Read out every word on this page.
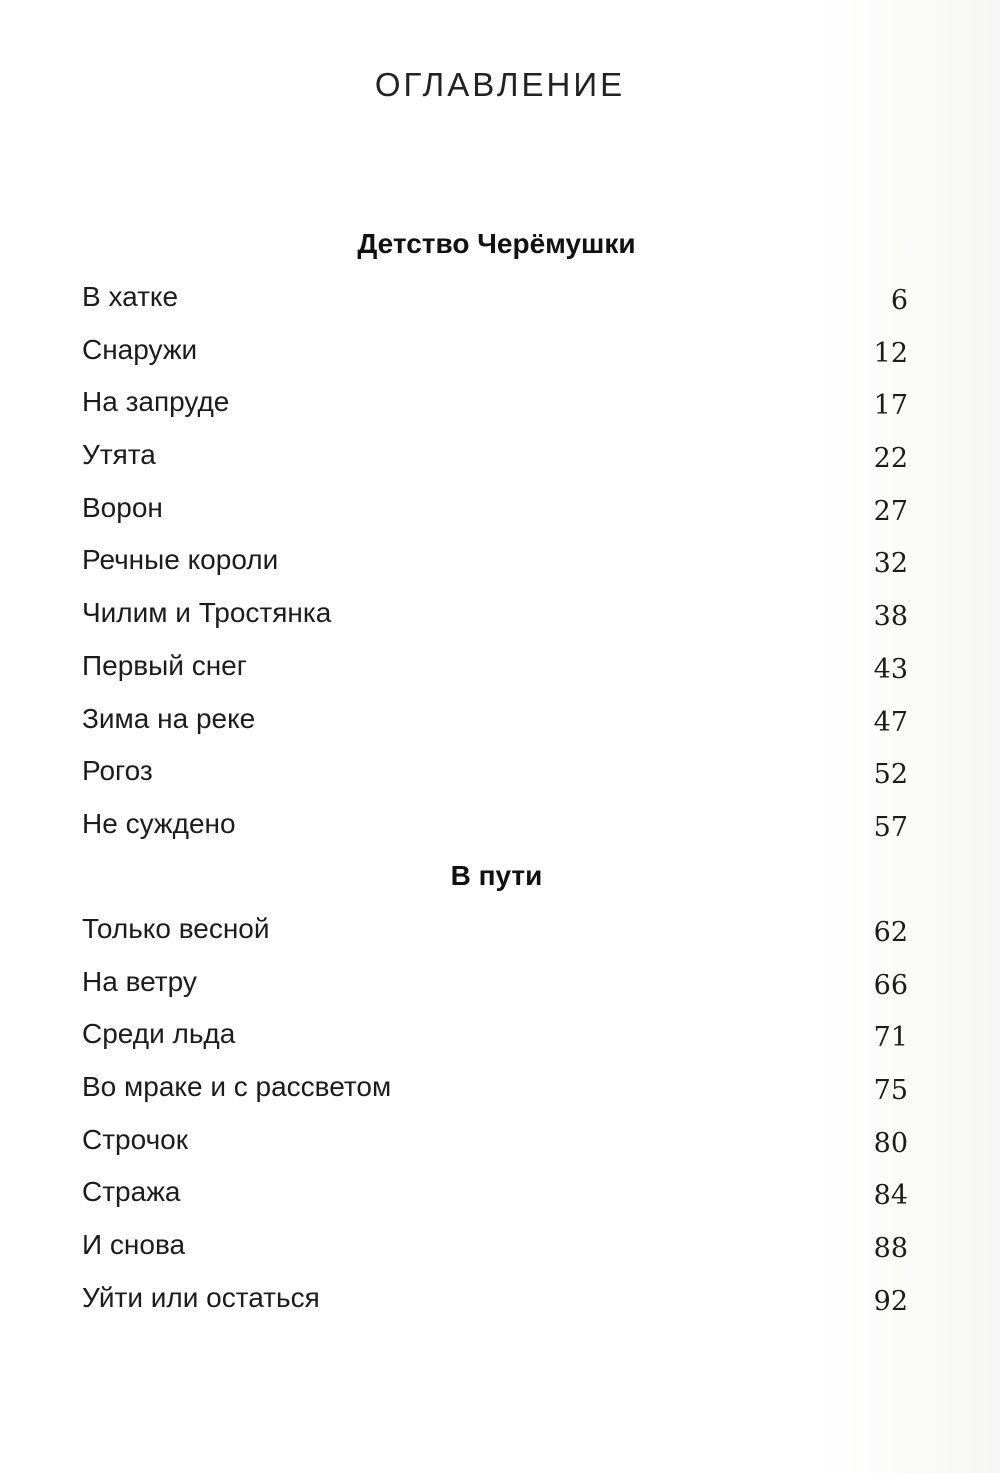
ОГЛАВЛЕНИЕ
Детство Черёмушки
В хатке	6
Снаружи	12
На запруде	17
Утята	22
Ворон	27
Речные короли	32
Чилим и Тростянка	38
Первый снег	43
Зима на реке	47
Рогоз	52
Не суждено	57
В пути
Только весной	62
На ветру	66
Среди льда	71
Во мраке и с рассветом	75
Строчок	80
Стража	84
И снова	88
Уйти или остаться	92
